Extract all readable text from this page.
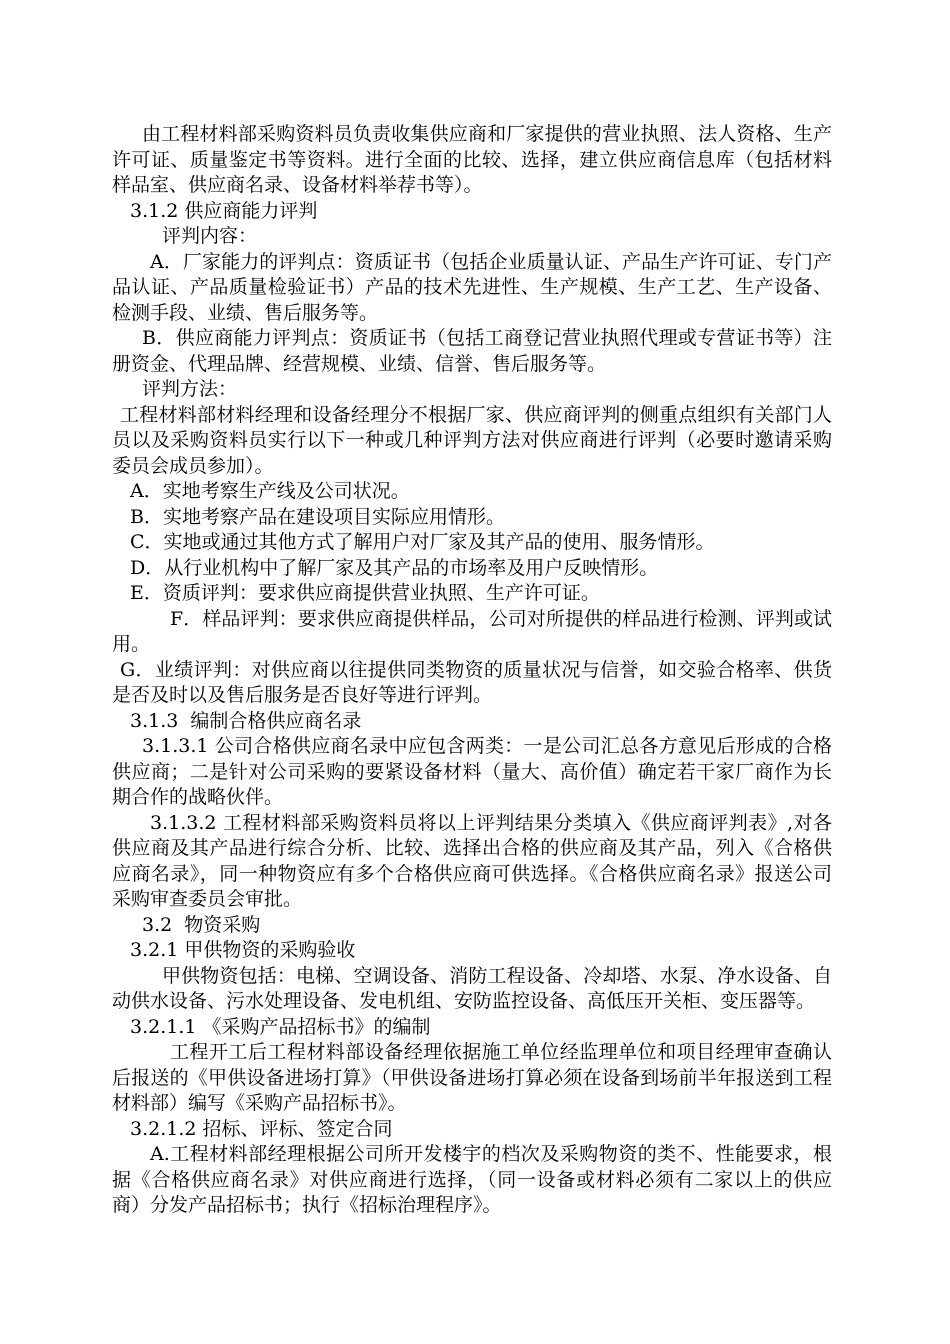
由工程材料部采购资料员负责收集供应商和厂家提供的营业执照、法人资格、生产许可证、质量鉴定书等资料。进行全面的比较、选择，建立供应商信息库（包括材料样品室、供应商名录、设备材料举荐书等）。

3.1.2 供应商能力评判

评判内容：

A．厂家能力的评判点：资质证书（包括企业质量认证、产品生产许可证、专门产品认证、产品质量检验证书）产品的技术先进性、生产规模、生产工艺、生产设备、检测手段、业绩、售后服务等。

B．供应商能力评判点：资质证书（包括工商登记营业执照代理或专营证书等）注册资金、代理品牌、经营规模、业绩、信誉、售后服务等。

评判方法：

工程材料部材料经理和设备经理分不根据厂家、供应商评判的侧重点组织有关部门人员以及采购资料员实行以下一种或几种评判方法对供应商进行评判（必要时邀请采购委员会成员参加）。

A．实地考察生产线及公司状况。

B．实地考察产品在建设项目实际应用情形。

C．实地或通过其他方式了解用户对厂家及其产品的使用、服务情形。

D．从行业机构中了解厂家及其产品的市场率及用户反映情形。

E．资质评判：要求供应商提供营业执照、生产许可证。

F．样品评判：要求供应商提供样品，公司对所提供的样品进行检测、评判或试用。

G．业绩评判：对供应商以往提供同类物资的质量状况与信誉，如交验合格率、供货是否及时以及售后服务是否良好等进行评判。

3.1.3  编制合格供应商名录

3.1.3.1 公司合格供应商名录中应包含两类：一是公司汇总各方意见后形成的合格供应商；二是针对公司采购的要紧设备材料（量大、高价值）确定若干家厂商作为长期合作的战略伙伴。

3.1.3.2 工程材料部采购资料员将以上评判结果分类填入《供应商评判表》,对各供应商及其产品进行综合分析、比较、选择出合格的供应商及其产品，列入《合格供应商名录》，同一种物资应有多个合格供应商可供选择。《合格供应商名录》报送公司采购审查委员会审批。

3.2  物资采购

3.2.1 甲供物资的采购验收

甲供物资包括：电梯、空调设备、消防工程设备、冷却塔、水泵、净水设备、自动供水设备、污水处理设备、发电机组、安防监控设备、高低压开关柜、变压器等。

3.2.1.1 《采购产品招标书》的编制

工程开工后工程材料部设备经理依据施工单位经监理单位和项目经理审查确认后报送的《甲供设备进场打算》（甲供设备进场打算必须在设备到场前半年报送到工程材料部）编写《采购产品招标书》。

3.2.1.2 招标、评标、签定合同

A.工程材料部经理根据公司所开发楼宇的档次及采购物资的类不、性能要求，根据《合格供应商名录》对供应商进行选择，（同一设备或材料必须有二家以上的供应商）分发产品招标书；执行《招标治理程序》。
